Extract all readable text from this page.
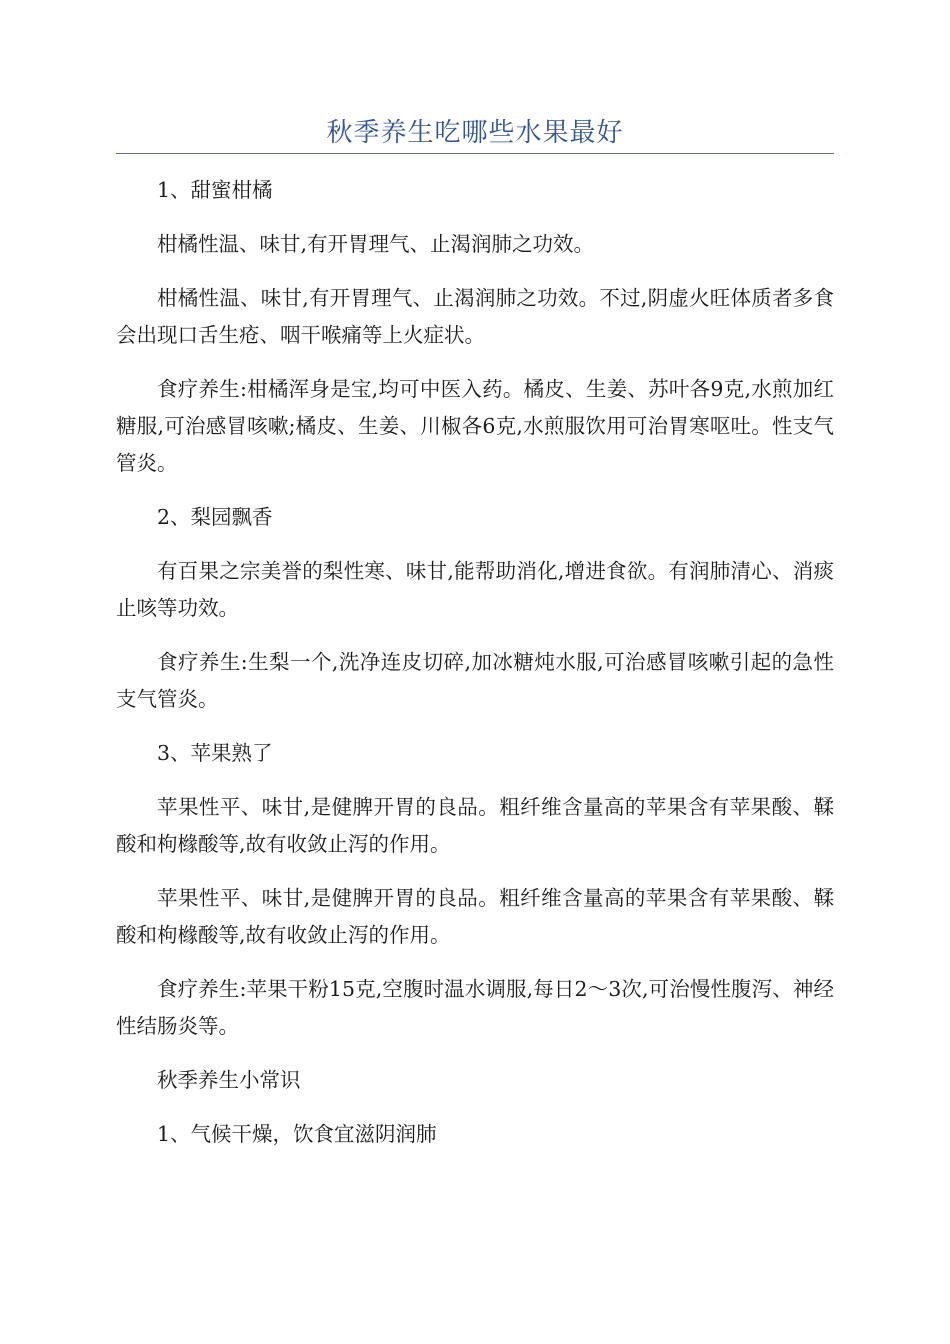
秋季养生吃哪些水果最好

1、甜蜜柑橘

柑橘性温、味甘,有开胃理气、止渴润肺之功效。

柑橘性温、味甘,有开胃理气、止渴润肺之功效。不过,阴虚火旺体质者多食会出现口舌生疮、咽干喉痛等上火症状。

食疗养生:柑橘浑身是宝,均可中医入药。橘皮、生姜、苏叶各9克,水煎加红糖服,可治感冒咳嗽;橘皮、生姜、川椒各6克,水煎服饮用可治胃寒呕吐。性支气管炎。

2、梨园飘香

有百果之宗美誉的梨性寒、味甘,能帮助消化,增进食欲。有润肺清心、消痰止咳等功效。

食疗养生:生梨一个,洗净连皮切碎,加冰糖炖水服,可治感冒咳嗽引起的急性支气管炎。

3、苹果熟了

苹果性平、味甘,是健脾开胃的良品。粗纤维含量高的苹果含有苹果酸、鞣酸和枸橼酸等,故有收敛止泻的作用。

苹果性平、味甘,是健脾开胃的良品。粗纤维含量高的苹果含有苹果酸、鞣酸和枸橼酸等,故有收敛止泻的作用。

食疗养生:苹果干粉15克,空腹时温水调服,每日2～3次,可治慢性腹泻、神经性结肠炎等。

秋季养生小常识

1、气候干燥，饮食宜滋阴润肺
